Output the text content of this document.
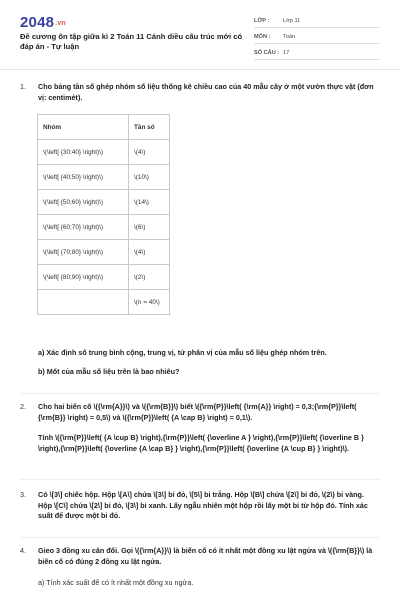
2048.vn
Đề cương ôn tập giữa kì 2 Toán 11 Cánh diều cấu trúc mới có đáp án - Tự luận
LỚP :	Lớp 11
MÔN :	Toán
SỐ CÂU : 17
1.	Cho bảng tần số ghép nhóm số liệu thống kê chiều cao của 40 mẫu cây ở một vườn thực vật (đơn vị: centimét).
Nhóm	Tần số
\(\left[ {30;40} \right)\)	\(4\)
\(\left[ {40;50} \right)\)	\(10\)
\(\left[ {50;60} \right)\)	\(14\)
\(\left[ {60;70} \right)\)	\(6\)
\(\left[ {70;80} \right)\)	\(4\)
\(\left[ {80;90} \right)\)	\(2\)
	\(n = 40\)
a) Xác định số trung bình cộng, trung vị, tứ phân vị của mẫu số liệu ghép nhóm trên.
b) Mốt của mẫu số liệu trên là bao nhiêu?
2.	Cho hai biến cố \({\rm{A}}\) và \({\rm{B}}\) biết \({\rm{P}}\left( {\rm{A}} \right) = 0,3;{\rm{P}}\left( {\rm{B}} \right) = 0,5\) và \({\rm{P}}\left( {A \cap B} \right) = 0,1\).
Tính \({\rm{P}}\left( {A \cup B} \right),{\rm{P}}\left( {\overline A } \right),{\rm{P}}\left( {\overline B } \right),{\rm{P}}\left( {\overline {A \cap B} } \right),{\rm{P}}\left( {\overline {A \cup B} } \right)\).
3.	Có \[3\] chiếc hộp. Hộp \[A\] chứa \[3\] bi đỏ, \[5\] bi trắng. Hộp \[B\] chứa \[2\] bi đỏ, \(2\) bi vàng. Hộp \[C\] chứa \[2\] bi đỏ, \[3\] bi xanh. Lấy ngẫu nhiên một hộp rồi lấy một bi từ hộp đó. Tính xác suất để được một bi đỏ.
4.	Gieo 3 đồng xu cân đối. Gọi \({\rm{A}}\) là biến cố có ít nhất một đồng xu lật ngửa và \({\rm{B}}\) là biến cố có đúng 2 đồng xu lật ngửa.
a) Tính xác suất để có ít nhất một đồng xu ngửa.
